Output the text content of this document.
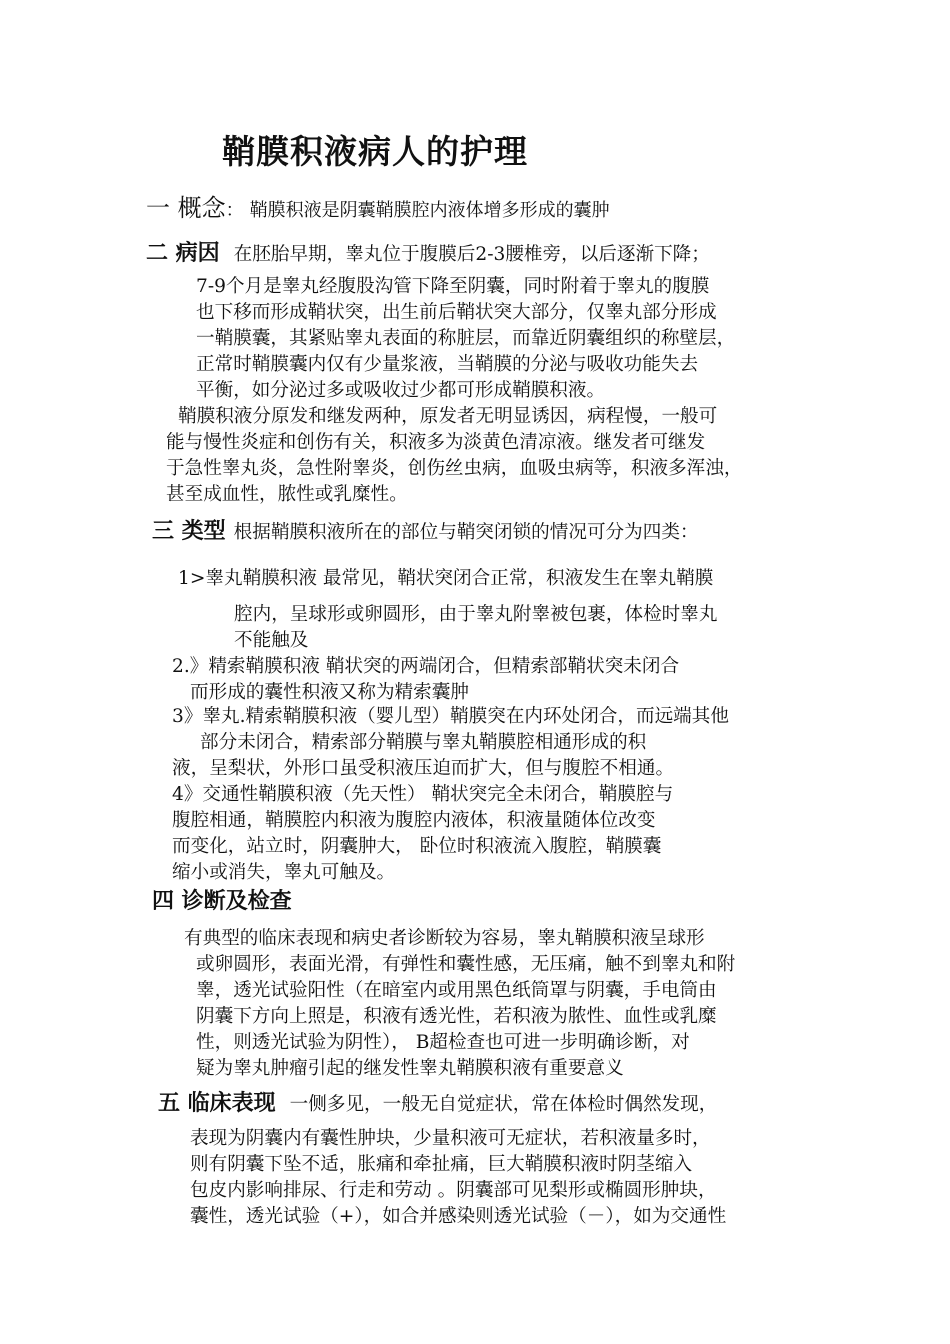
鞘膜积液病人的护理
一 概念： 鞘膜积液是阴囊鞘膜腔内液体增多形成的囊肿
二 病因 在胚胎早期，睾丸位于腹膜后2-3腰椎旁，以后逐渐下降；
7-9个月是睾丸经腹股沟管下降至阴囊，同时附着于睾丸的腹膜
也下移而形成鞘状突，出生前后鞘状突大部分，仅睾丸部分形成
一鞘膜囊，其紧贴睾丸表面的称脏层，而靠近阴囊组织的称壁层，
正常时鞘膜囊内仅有少量浆液，当鞘膜的分泌与吸收功能失去
平衡，如分泌过多或吸收过少都可形成鞘膜积液。
鞘膜积液分原发和继发两种，原发者无明显诱因，病程慢，一般可
能与慢性炎症和创伤有关，积液多为淡黄色清凉液。继发者可继发
于急性睾丸炎，急性附睾炎，创伤丝虫病，血吸虫病等，积液多浑浊，
甚至成血性，脓性或乳糜性。
三 类型 根据鞘膜积液所在的部位与鞘突闭锁的情况可分为四类：
1>睾丸鞘膜积液 最常见，鞘状突闭合正常，积液发生在睾丸鞘膜
腔内，呈球形或卵圆形，由于睾丸附睾被包裹，体检时睾丸
不能触及
2.》精索鞘膜积液 鞘状突的两端闭合，但精索部鞘状突未闭合
而形成的囊性积液又称为精索囊肿
3》睾丸.精索鞘膜积液（婴儿型）鞘膜突在内环处闭合，而远端其他
部分未闭合，精索部分鞘膜与睾丸鞘膜腔相通形成的积
液，呈梨状，外形口虽受积液压迫而扩大，但与腹腔不相通。
4》交通性鞘膜积液（先天性） 鞘状突完全未闭合，鞘膜腔与
腹腔相通，鞘膜腔内积液为腹腔内液体，积液量随体位改变
而变化，站立时，阴囊肿大， 卧位时积液流入腹腔，鞘膜囊
缩小或消失，睾丸可触及。
四 诊断及检查
有典型的临床表现和病史者诊断较为容易，睾丸鞘膜积液呈球形
或卵圆形，表面光滑，有弹性和囊性感，无压痛，触不到睾丸和附
睾，透光试验阳性（在暗室内或用黑色纸筒罩与阴囊，手电筒由
阴囊下方向上照是，积液有透光性，若积液为脓性、血性或乳糜
性，则透光试验为阴性）， B超检查也可进一步明确诊断，对
疑为睾丸肿瘤引起的继发性睾丸鞘膜积液有重要意义
五 临床表现 一侧多见，一般无自觉症状，常在体检时偶然发现，
表现为阴囊内有囊性肿块，少量积液可无症状，若积液量多时，
则有阴囊下坠不适，胀痛和牵扯痛，巨大鞘膜积液时阴茎缩入
包皮内影响排尿、行走和劳动 。阴囊部可见梨形或椭圆形肿块，
囊性，透光试验（+），如合并感染则透光试验（－），如为交通性
